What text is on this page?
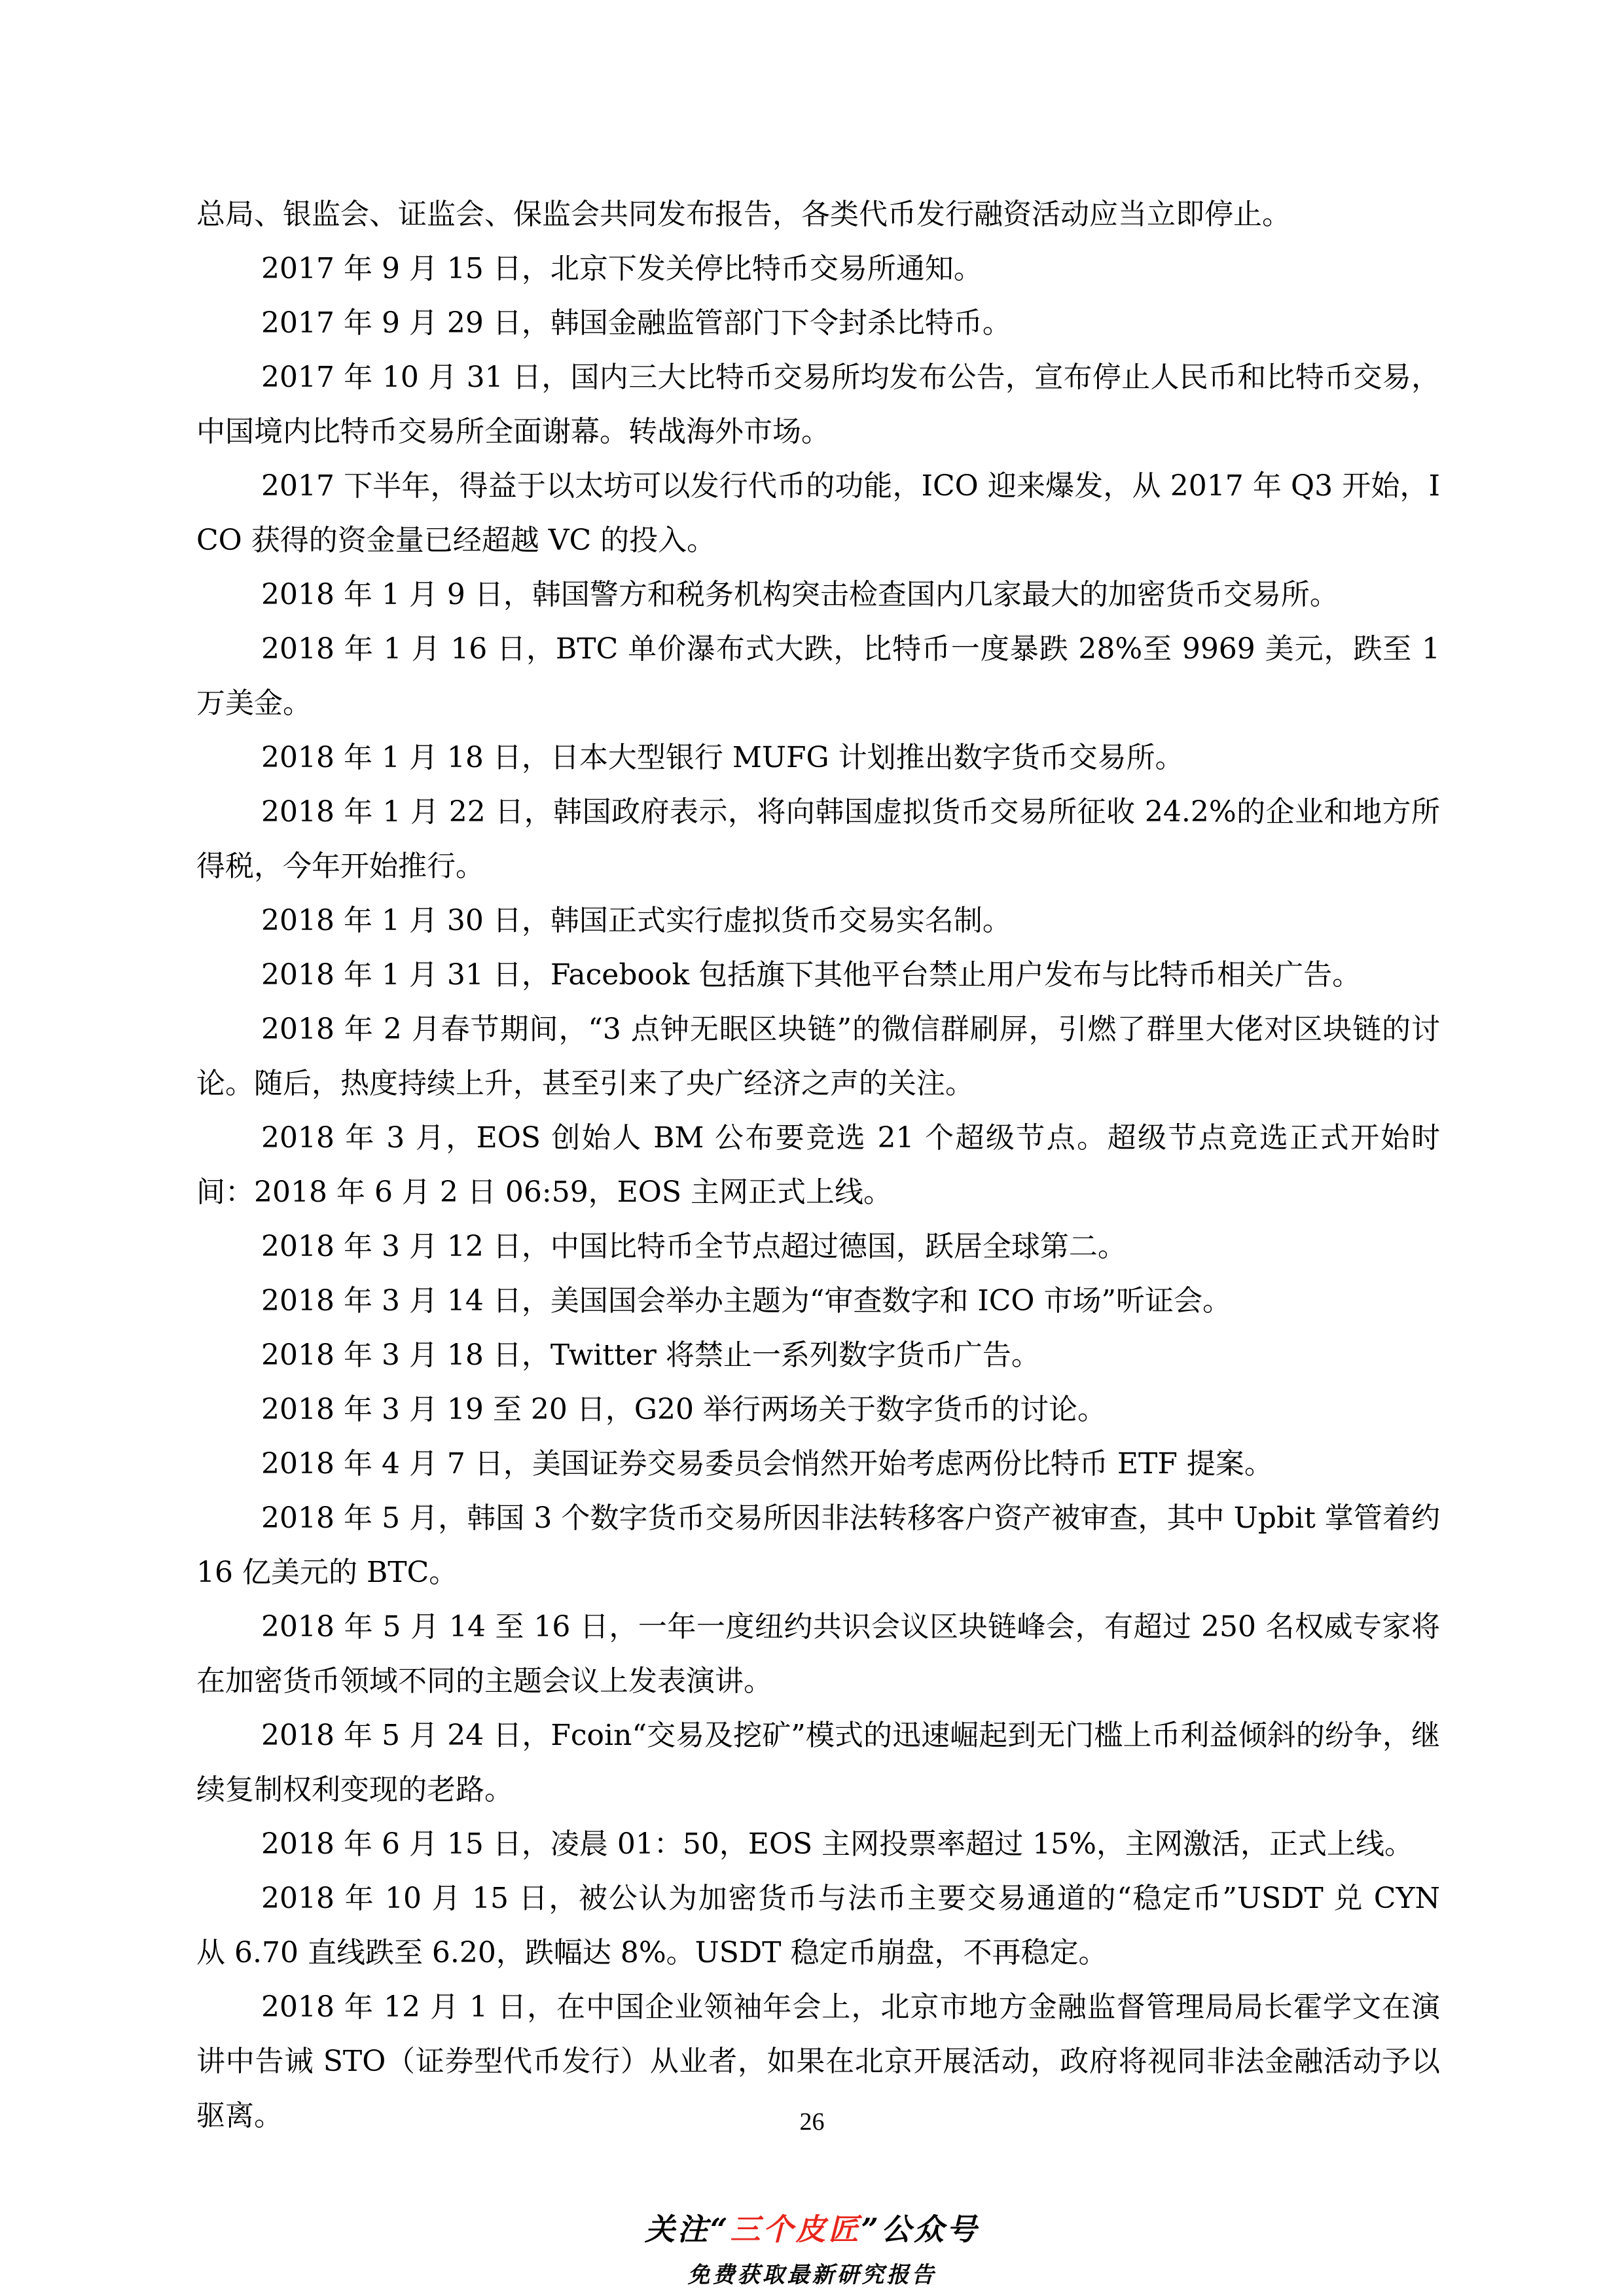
总局、银监会、证监会、保监会共同发布报告，各类代币发行融资活动应当立即停止。

2017 年 9 月 15 日，北京下发关停比特币交易所通知。

2017 年 9 月 29 日，韩国金融监管部门下令封杀比特币。

2017 年 10 月 31 日，国内三大比特币交易所均发布公告，宣布停止人民币和比特币交易，中国境内比特币交易所全面谢幕。转战海外市场。

2017 下半年，得益于以太坊可以发行代币的功能，ICO 迎来爆发，从 2017 年 Q3 开始，ICO 获得的资金量已经超越 VC 的投入。

2018 年 1 月 9 日，韩国警方和税务机构突击检查国内几家最大的加密货币交易所。

2018 年 1 月 16 日，BTC 单价瀑布式大跌，比特币一度暴跌 28%至 9969 美元，跌至 1 万美金。

2018 年 1 月 18 日，日本大型银行 MUFG 计划推出数字货币交易所。

2018 年 1 月 22 日，韩国政府表示，将向韩国虚拟货币交易所征收 24.2%的企业和地方所得税，今年开始推行。

2018 年 1 月 30 日，韩国正式实行虚拟货币交易实名制。

2018 年 1 月 31 日，Facebook 包括旗下其他平台禁止用户发布与比特币相关广告。

2018 年 2 月春节期间，“3 点钟无眠区块链”的微信群刷屏，引燃了群里大佬对区块链的讨论。随后，热度持续上升，甚至引来了央广经济之声的关注。

2018 年 3 月，EOS 创始人 BM 公布要竞选 21 个超级节点。超级节点竞选正式开始时间：2018 年 6 月 2 日 06:59，EOS 主网正式上线。

2018 年 3 月 12 日，中国比特币全节点超过德国，跃居全球第二。

2018 年 3 月 14 日，美国国会举办主题为“审查数字和 ICO 市场”听证会。

2018 年 3 月 18 日，Twitter 将禁止一系列数字货币广告。

2018 年 3 月 19 至 20 日，G20 举行两场关于数字货币的讨论。

2018 年 4 月 7 日，美国证券交易委员会悄然开始考虑两份比特币 ETF 提案。

2018 年 5 月，韩国 3 个数字货币交易所因非法转移客户资产被审查，其中 Upbit 掌管着约 16 亿美元的 BTC。

2018 年 5 月 14 至 16 日，一年一度纽约共识会议区块链峰会，有超过 250 名权威专家将在加密货币领域不同的主题会议上发表演讲。

2018 年 5 月 24 日，Fcoin“交易及挖矿”模式的迅速崛起到无门槛上币利益倾斜的纷争，继续复制权利变现的老路。

2018 年 6 月 15 日，凌晨 01：50，EOS 主网投票率超过 15%，主网激活，正式上线。

2018 年 10 月 15 日，被公认为加密货币与法币主要交易通道的“稳定币”USDT 兑 CYN 从 6.70 直线跌至 6.20，跌幅达 8%。USDT 稳定币崩盘，不再稳定。

2018 年 12 月 1 日，在中国企业领袖年会上，北京市地方金融监督管理局局长霍学文在演讲中告诫 STO（证券型代币发行）从业者，如果在北京开展活动，政府将视同非法金融活动予以驱离。	26
关注“三个皮匠”公众号
免费获取最新研究报告
